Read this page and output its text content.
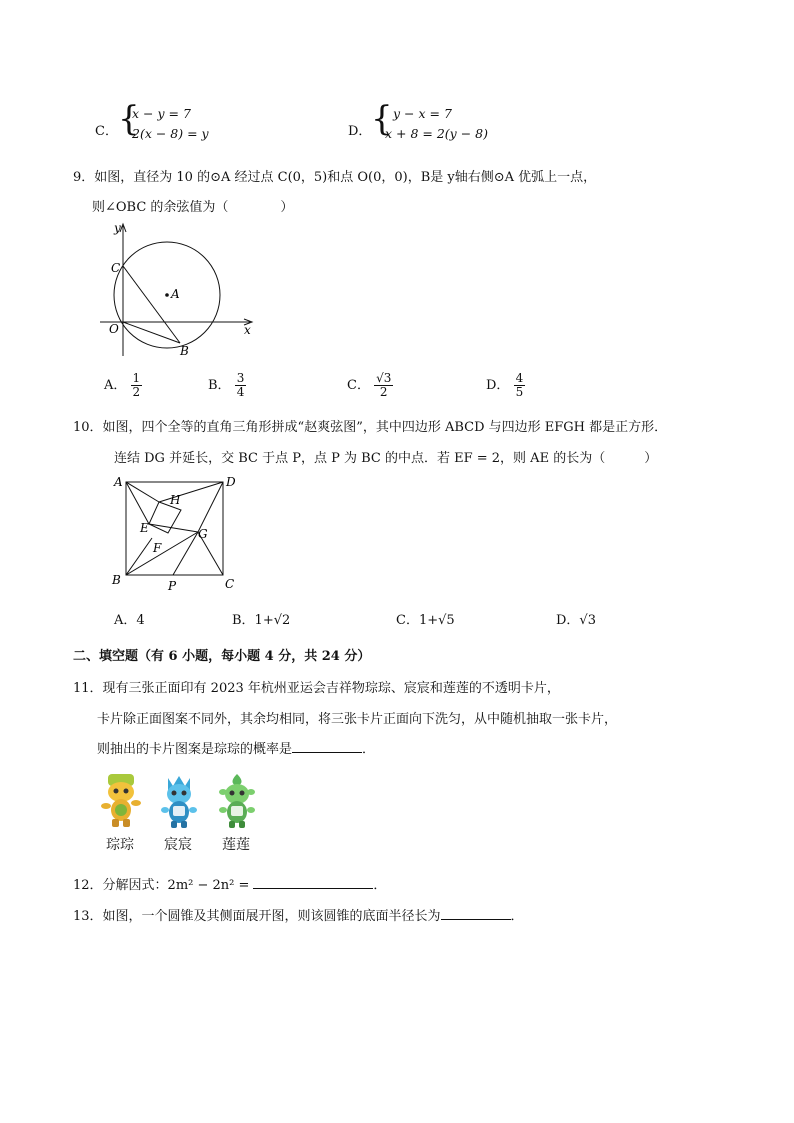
C． {
x − y = 7
2(x − 8) = y	D． { y − x = 7
x + 8 = 2(y − 8)
9．如图，直径为 10 的⊙A 经过点 C(0，5)和点 O(0，0)，B是 y轴右侧⊙A 优弧上一点，
则∠OBC 的余弦值为（　　　　）
y
x
C
O
A
B
A． $\frac{1}{2}$	B． $\frac{3}{4}$	C． $\frac{√3}{2}$	D． $\frac{4}{5}$
10．如图，四个全等的直角三角形拼成“赵爽弦图”，其中四边形 ABCD 与四边形 EFGH 都是正方形．
连结 DG 并延长，交 BC 于点 P，点 P 为 BC 的中点．若 EF = 2，则 AE 的长为（　　　）
A	D
H
E	G
F
B	P	C
A．4	B．1+√2	C．1+√5	D．√3
二、填空题（有 6 小题，每小题 4 分，共 24 分）
11．现有三张正面印有 2023 年杭州亚运会吉祥物琮琮、宸宸和莲莲的不透明卡片，
卡片除正面图案不同外，其余均相同，将三张卡片正面向下洗匀，从中随机抽取一张卡片，
则抽出的卡片图案是琮琮的概率是	．
琮琮 宸宸 莲莲
12．分解因式：2m² − 2n² =	．
13．如图，一个圆锥及其侧面展开图，则该圆锥的底面半径长为	．
